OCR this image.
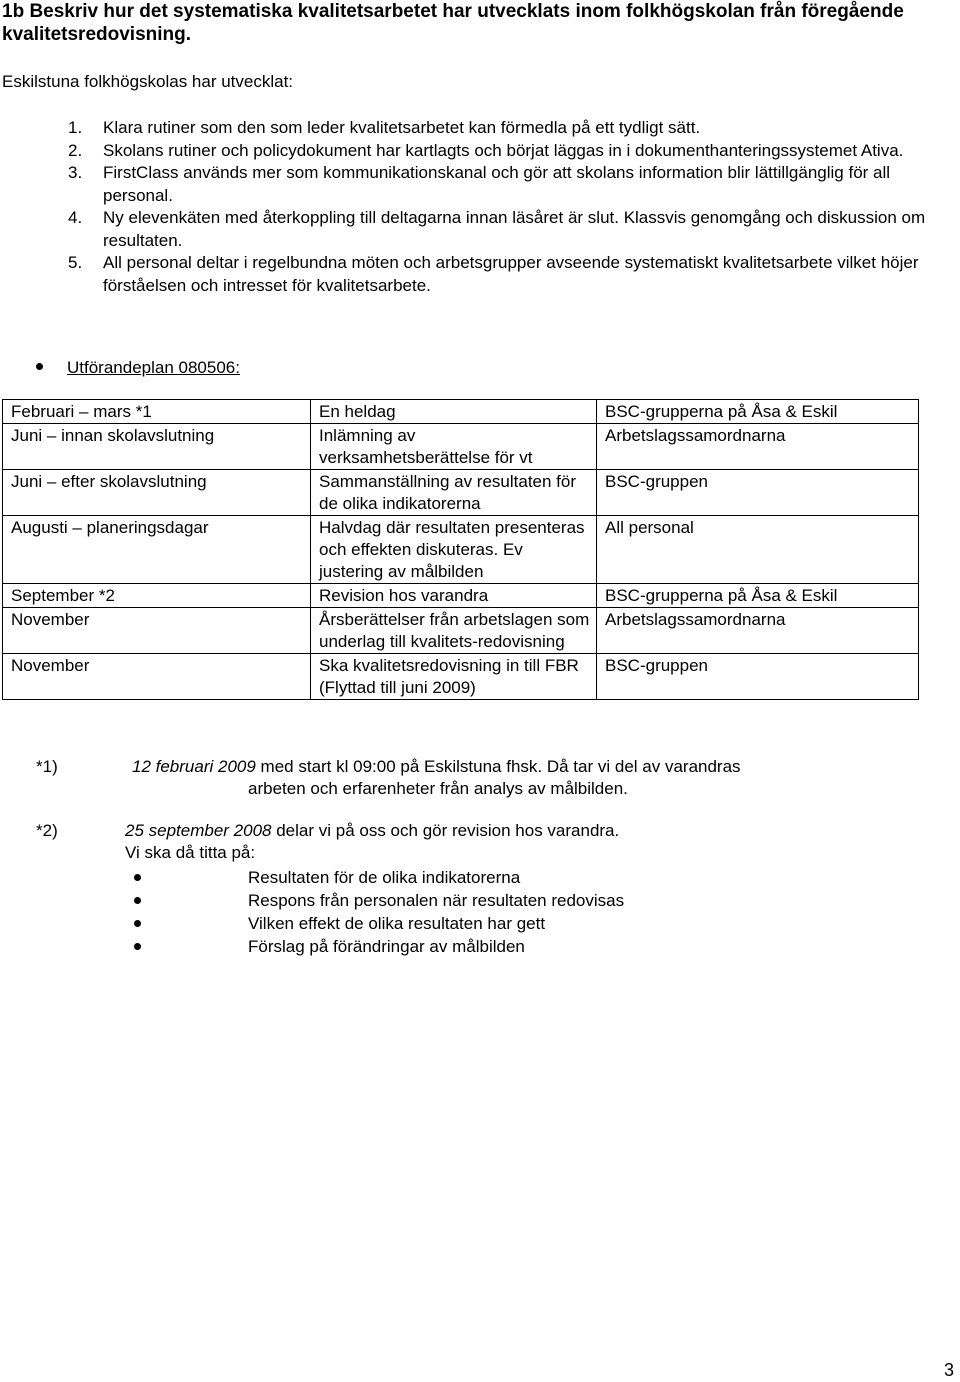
1b Beskriv hur det systematiska kvalitetsarbetet har utvecklats inom folkhögskolan från föregående kvalitetsredovisning.
Eskilstuna folkhögskolas har utvecklat:
1. Klara rutiner som den som leder kvalitetsarbetet kan förmedla på ett tydligt sätt.
2. Skolans rutiner och policydokument har kartlagts och börjat läggas in i dokumenthanteringssystemet Ativa.
3. FirstClass används mer som kommunikationskanal och gör att skolans information blir lättillgänglig för all personal.
4. Ny elevenkäten med återkoppling till deltagarna innan läsåret är slut. Klassvis genomgång och diskussion om resultaten.
5. All personal deltar i regelbundna möten och arbetsgrupper avseende systematiskt kvalitetsarbete vilket höjer förståelsen och intresset för kvalitetsarbete.
Utförandeplan 080506:
Februari – mars *1	En heldag	BSC-grupperna på Åsa & Eskil
Juni – innan skolavslutning	Inlämning av verksamhetsberättelse för vt	Arbetslagssamordnarna
Juni – efter skolavslutning	Sammanställning av resultaten för de olika indikatorerna	BSC-gruppen
Augusti – planeringsdagar	Halvdag där resultaten presenteras och effekten diskuteras. Ev justering av målbilden	All personal
September *2	Revision hos varandra	BSC-grupperna på Åsa & Eskil
November	Årsberättelser från arbetslagen som underlag till kvalitets-redovisning	Arbetslagssamordnarna
November	Ska kvalitetsredovisning in till FBR (Flyttad till juni 2009)	BSC-gruppen
*1)	12 februari 2009 med start kl 09:00 på Eskilstuna fhsk. Då tar vi del av varandras
arbeten och erfarenheter från analys av målbilden.
*2)	25 september 2008 delar vi på oss och gör revision hos varandra.
Vi ska då titta på:
Resultaten för de olika indikatorerna
Respons från personalen när resultaten redovisas
Vilken effekt de olika resultaten har gett
Förslag på förändringar av målbilden
3
